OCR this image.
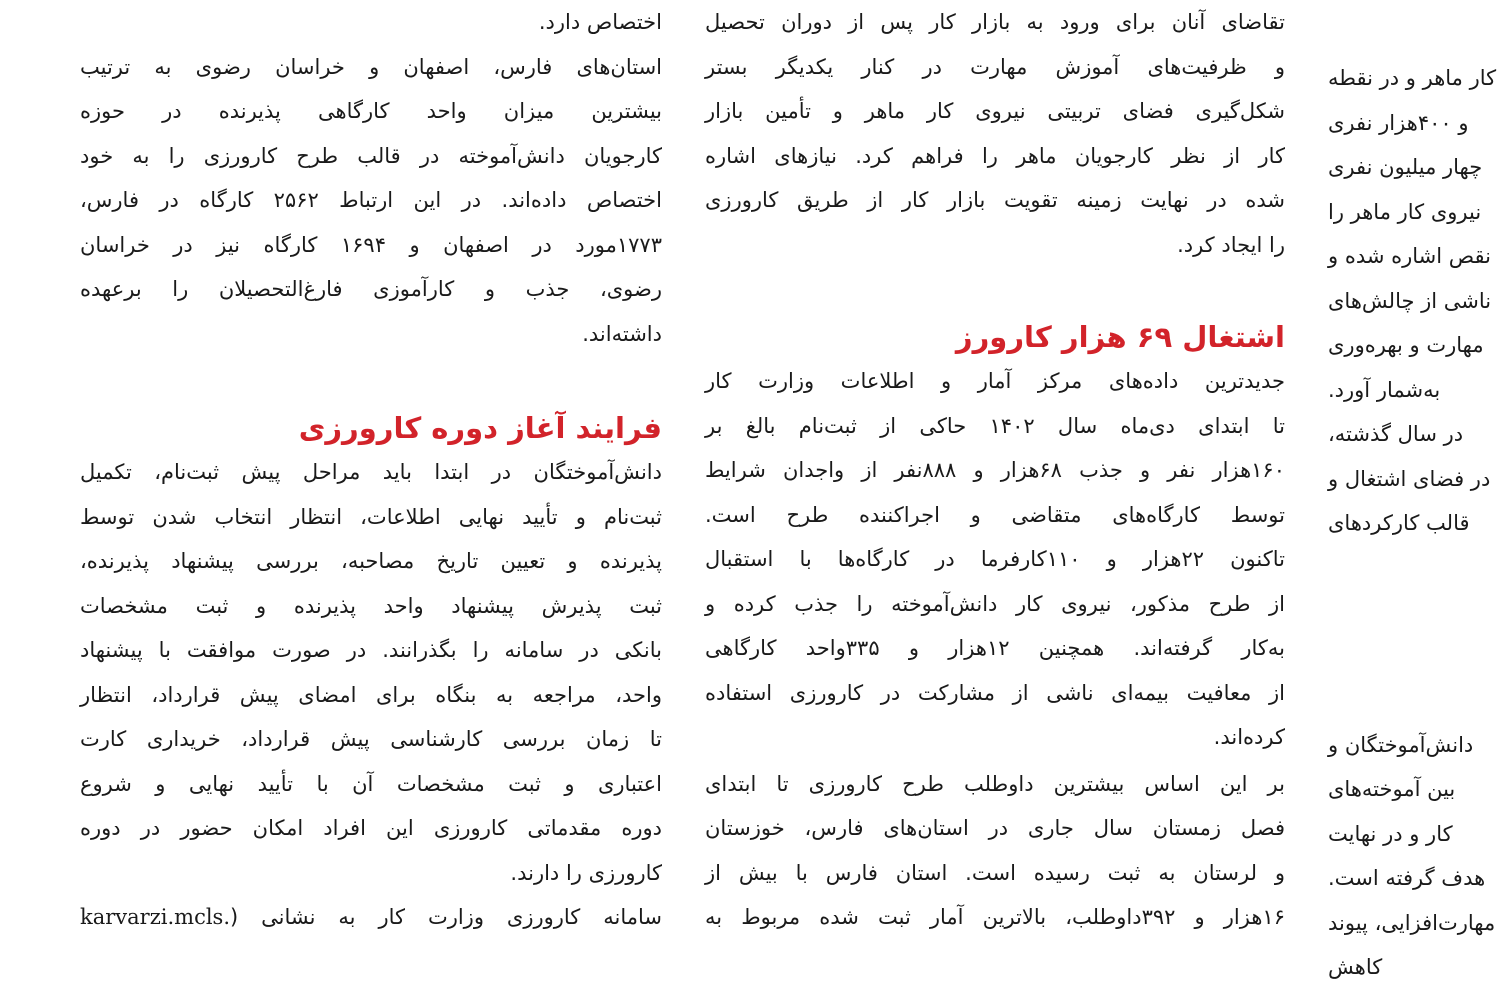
کار ماهر و در نقطه
و ۴۰۰هزار نفری
چهار میلیون نفری
نیروی کار ماهر را
نقص اشاره شده و
ناشی از چالش‌های
مهارت و بهره‌وری
به‌شمار آورد.
در سال گذشته،
در فضای اشتغال و
قالب کارکردهای
دانش‌آموختگان و
بین آموخته‌های
کار و در نهایت
هدف گرفته است.
مهارت‌افزایی، پیوند
کاهش
تقاضای آنان برای ورود به بازار کار پس از دوران تحصیل
و ظرفیت‌های آموزش مهارت در کنار یکدیگر بستر
شکل‌گیری فضای تربیتی نیروی کار ماهر و تأمین بازار
کار از نظر کارجویان ماهر را فراهم کرد. نیازهای اشاره
شده در نهایت زمینه تقویت بازار کار از طریق کارورزی
را ایجاد کرد.
اشتغال ۶۹ هزار کارورز
جدیدترین داده‌های مرکز آمار و اطلاعات وزارت کار
تا ابتدای دی‌ماه سال ۱۴۰۲ حاکی از ثبت‌نام بالغ بر
۱۶۰هزار نفر و جذب ۶۸هزار و ۸۸۸نفر از واجدان شرایط
توسط کارگاه‌های متقاضی و اجراکننده طرح است.
تاکنون ۲۲هزار و ۱۱۰کارفرما در کارگاه‌ها با استقبال
از طرح مذکور، نیروی کار دانش‌آموخته را جذب کرده و
به‌کار گرفته‌اند. همچنین ۱۲هزار و ۳۳۵واحد کارگاهی
از معافیت بیمه‌ای ناشی از مشارکت در کارورزی استفاده
کرده‌اند.
بر این اساس بیشترین داوطلب طرح کارورزی تا ابتدای
فصل زمستان سال جاری در استان‌های فارس، خوزستان
و لرستان به ثبت رسیده است. استان فارس با بیش از
۱۶هزار و ۳۹۲داوطلب، بالاترین آمار ثبت شده مربوط به
اختصاص دارد.
استان‌های فارس، اصفهان و خراسان رضوی به ترتیب
بیشترین میزان واحد کارگاهی پذیرنده در حوزه
کارجویان دانش‌آموخته در قالب طرح کارورزی را به خود
اختصاص داده‌اند. در این ارتباط ۲۵۶۲ کارگاه در فارس،
۱۷۷۳مورد در اصفهان و ۱۶۹۴ کارگاه نیز در خراسان
رضوی، جذب و کارآموزی فارغ‌التحصیلان را برعهده
داشته‌اند.
فرایند آغاز دوره کارورزی
دانش‌آموختگان در ابتدا باید مراحل پیش ثبت‌نام، تکمیل
ثبت‌نام و تأیید نهایی اطلاعات، انتظار انتخاب شدن توسط
پذیرنده و تعیین تاریخ مصاحبه، بررسی پیشنهاد پذیرنده،
ثبت پذیرش پیشنهاد واحد پذیرنده و ثبت مشخصات
بانکی در سامانه را بگذرانند. در صورت موافقت با پیشنهاد
واحد، مراجعه به بنگاه برای امضای پیش قرارداد، انتظار
تا زمان بررسی کارشناسی پیش قرارداد، خریداری کارت
اعتباری و ثبت مشخصات آن با تأیید نهایی و شروع
دوره مقدماتی کارورزی این افراد امکان حضور در دوره
کارورزی را دارند.
سامانه کارورزی وزارت کار به نشانی (karvarzi.mcls.
